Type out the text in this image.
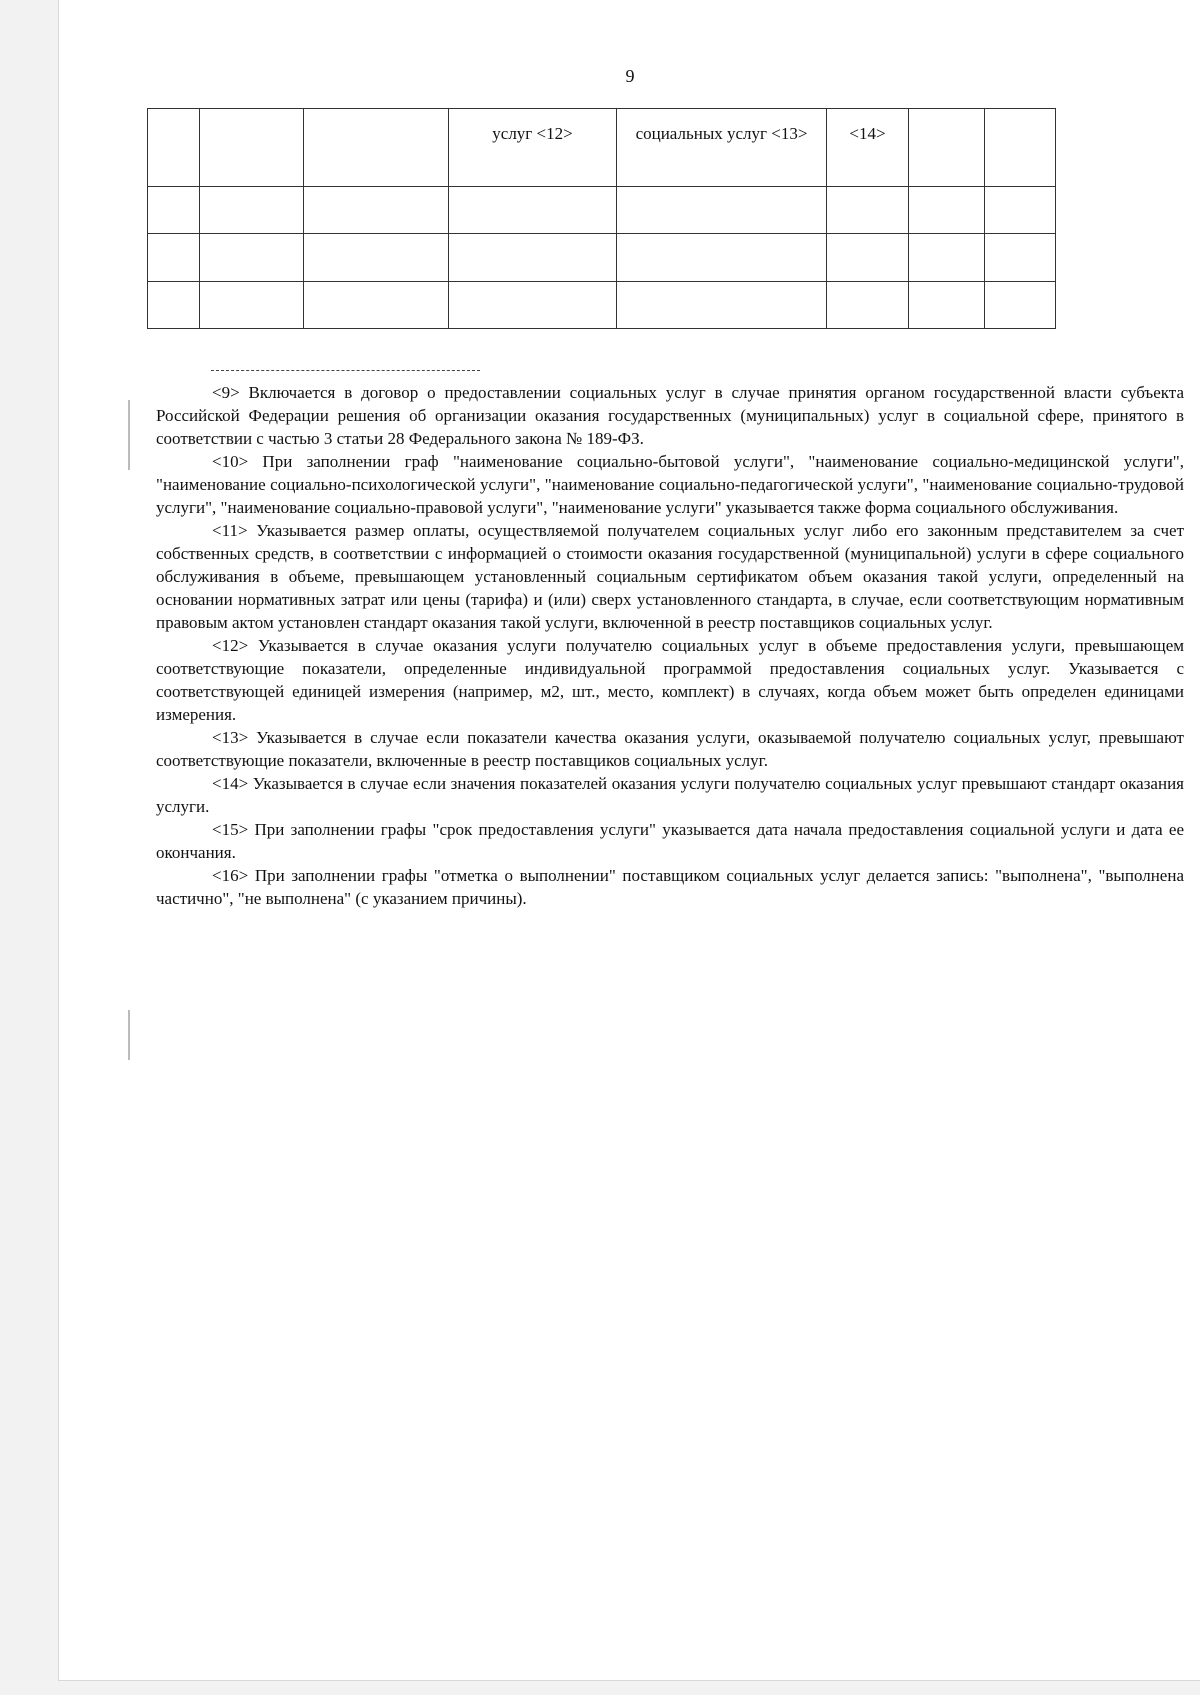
9
			услуг <12>	социальных услуг <13>	<14>		

<9> Включается в договор о предоставлении социальных услуг в случае принятия органом государственной власти субъекта Российской Федерации решения об организации оказания государственных (муниципальных) услуг в социальной сфере, принятого в соответствии с частью 3 статьи 28 Федерального закона № 189-ФЗ.

<10> При заполнении граф "наименование социально-бытовой услуги", "наименование социально-медицинской услуги", "наименование социально-психологической услуги", "наименование социально-педагогической услуги", "наименование социально-трудовой услуги", "наименование социально-правовой услуги", "наименование услуги" указывается также форма социального обслуживания.

<11> Указывается размер оплаты, осуществляемой получателем социальных услуг либо его законным представителем за счет собственных средств, в соответствии с информацией о стоимости оказания государственной (муниципальной) услуги в сфере социального обслуживания в объеме, превышающем установленный социальным сертификатом объем оказания такой услуги, определенный на основании нормативных затрат или цены (тарифа) и (или) сверх установленного стандарта, в случае, если соответствующим нормативным правовым актом установлен стандарт оказания такой услуги, включенной в реестр поставщиков социальных услуг.

<12> Указывается в случае оказания услуги получателю социальных услуг в объеме предоставления услуги, превышающем соответствующие показатели, определенные индивидуальной программой предоставления социальных услуг. Указывается с соответствующей единицей измерения (например, м2, шт., место, комплект) в случаях, когда объем может быть определен единицами измерения.

<13> Указывается в случае если показатели качества оказания услуги, оказываемой получателю социальных услуг, превышают соответствующие показатели, включенные в реестр поставщиков социальных услуг.

<14> Указывается в случае если значения показателей оказания услуги получателю социальных услуг превышают стандарт оказания услуги.

<15> При заполнении графы "срок предоставления услуги" указывается дата начала предоставления социальной услуги и дата ее окончания.

<16> При заполнении графы "отметка о выполнении" поставщиком социальных услуг делается запись: "выполнена", "выполнена частично", "не выполнена" (с указанием причины).
